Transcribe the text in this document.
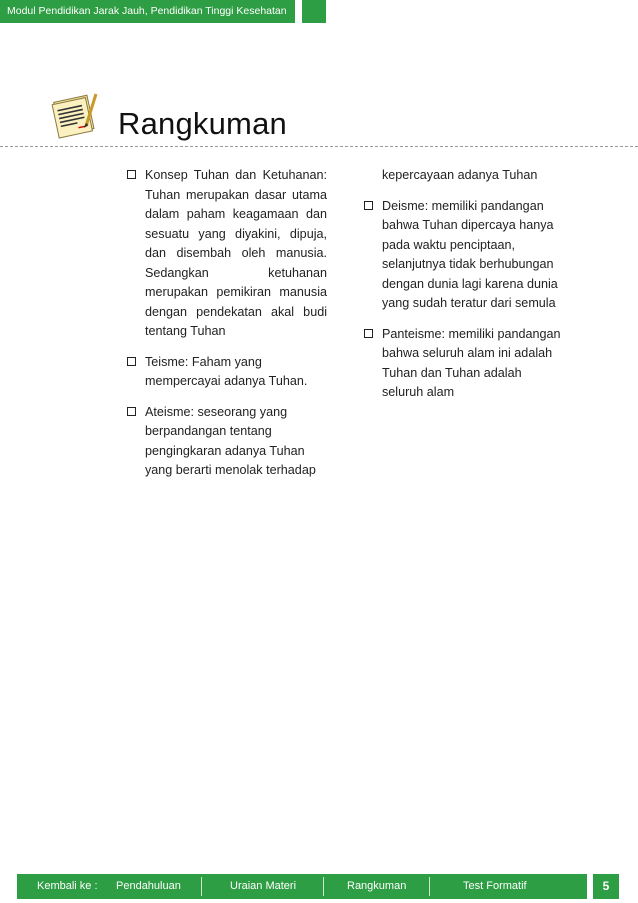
Modul Pendidikan Jarak Jauh, Pendidikan Tinggi Kesehatan
Rangkuman
Konsep Tuhan dan Ketuhanan: Tuhan merupakan dasar utama dalam paham keagamaan dan sesuatu yang diyakini, dipuja, dan disembah oleh manusia. Sedangkan ketuhanan merupakan pemikiran manusia dengan pendekatan akal budi tentang Tuhan
Teisme: Faham yang mempercayai adanya Tuhan.
Ateisme: seseorang yang berpandangan tentang pengingkaran adanya Tuhan yang berarti menolak terhadap
kepercayaan adanya Tuhan
Deisme: memiliki pandangan bahwa Tuhan dipercaya hanya pada waktu penciptaan, selanjutnya tidak berhubungan dengan dunia lagi karena dunia yang sudah teratur dari semula
Panteisme: memiliki pandangan bahwa seluruh alam ini adalah Tuhan dan Tuhan adalah seluruh alam
Kembali ke : Pendahuluan	Uraian Materi	Rangkuman	Test Formatif	5
